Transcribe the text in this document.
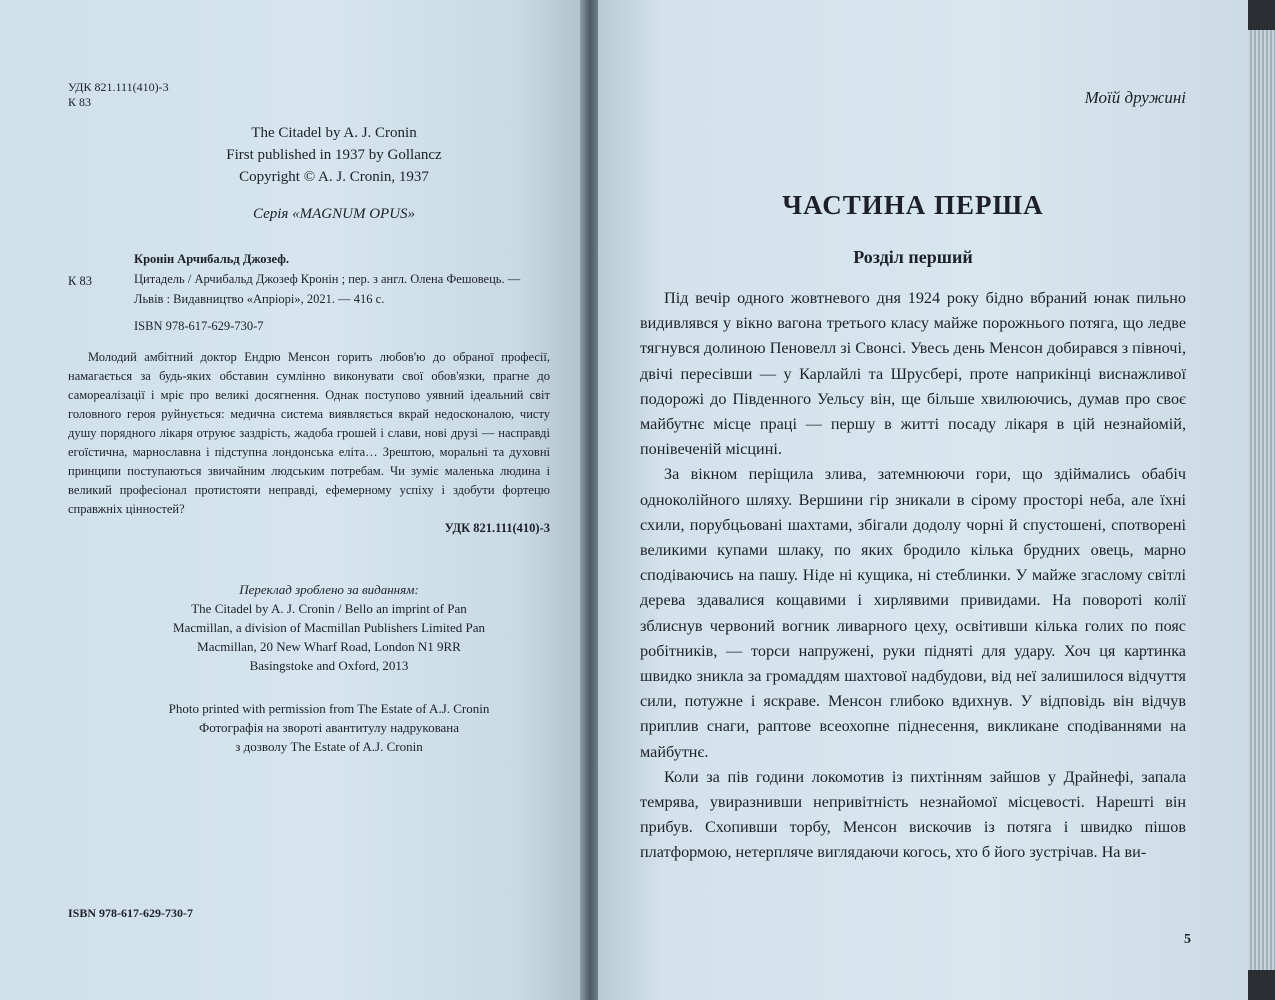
УДК 821.111(410)-3
К 83
The Citadel by A. J. Cronin
First published in 1937 by Gollancz
Copyright © A. J. Cronin, 1937
Серія «MAGNUM OPUS»
К 83
Кронін Арчибальд Джозеф.
Цитадель / Арчибальд Джозеф Кронін ; пер. з англ. Олена Фешовець. — Львів : Видавництво «Апріорі», 2021. — 416 с.
ISBN 978-617-629-730-7
Молодий амбітний доктор Ендрю Менсон горить любов'ю до обраної професії, намагається за будь-яких обставин сумлінно виконувати свої обов'язки, прагне до самореалізації і мріє про великі досягнення. Однак поступово уявний ідеальний світ головного героя руйнується: медична система виявляється вкрай недосконалою, чисту душу порядного лікаря отруює заздрість, жадоба грошей і слави, нові друзі — насправді егоїстична, марнославна і підступна лондонська еліта… Зрештою, моральні та духовні принципи поступаються звичайним людським потребам. Чи зуміє маленька людина і великий професіонал протистояти неправді, ефемерному успіху і здобути фортецю справжніх цінностей?
УДК 821.111(410)-3
Переклад зроблено за виданням:
The Citadel by A. J. Cronin / Bello an imprint of Pan
Macmillan, a division of Macmillan Publishers Limited Pan
Macmillan, 20 New Wharf Road, London N1 9RR
Basingstoke and Oxford, 2013
Photo printed with permission from The Estate of A.J. Cronin
Фотографія на звороті авантитулу надрукована
з дозволу The Estate of A.J. Cronin
ISBN 978-617-629-730-7
Моїй дружині
ЧАСТИНА ПЕРША
Розділ перший

Під вечір одного жовтневого дня 1924 року бідно вбраний юнак пильно видивлявся у вікно вагона третього класу майже порожнього потяга, що ледве тягнувся долиною Пеновелл зі Свонсі. Увесь день Менсон добирався з півночі, двічі пересівши — у Карлайлі та Шрусбері, проте наприкінці виснажливої подорожі до Південного Уельсу він, ще більше хвилюючись, думав про своє майбутнє місце праці — першу в житті посаду лікаря в цій незнайомій, понівеченій місцині.

За вікном періщила злива, затемнюючи гори, що здіймались обабіч одноколійного шляху. Вершини гір зникали в сірому просторі неба, але їхні схили, порубцьовані шахтами, збігали додолу чорні й спустошені, спотворені великими купами шлаку, по яких бродило кілька брудних овець, марно сподіваючись на пашу. Ніде ні кущика, ні стеблинки. У майже згаслому світлі дерева здавалися кощавими і хирлявими привидами. На повороті колії зблиснув червоний вогник ливарного цеху, освітивши кілька голих по пояс робітників, — торси напружені, руки підняті для удару. Хоч ця картинка швидко зникла за громаддям шахтової надбудови, від неї залишилося відчуття сили, потужне і яскраве. Менсон глибоко вдихнув. У відповідь він відчув приплив снаги, раптове всеохопне піднесення, викликане сподіваннями на майбутнє.

Коли за пів години локомотив із пихтінням зайшов у Драйнефі, запала темрява, увиразнивши непривітність незнайомої місцевості. Нарешті він прибув. Схопивши торбу, Менсон вискочив із потяга і швидко пішов платформою, нетерпляче виглядаючи когось, хто б його зустрічав. На ви-

5
